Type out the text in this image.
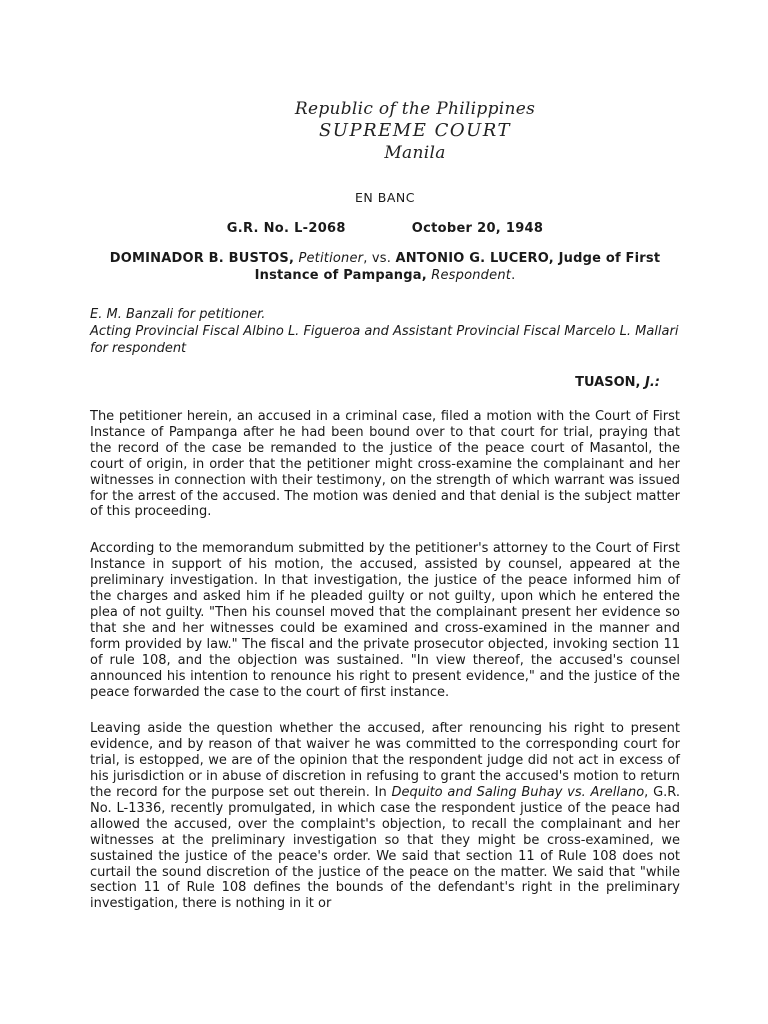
Republic of the Philippines
SUPREME COURT
Manila
EN BANC
G.R. No. L-2068	October 20, 1948
DOMINADOR B. BUSTOS, Petitioner, vs. ANTONIO G. LUCERO, Judge of First Instance of Pampanga, Respondent.
E. M. Banzali for petitioner.
Acting Provincial Fiscal Albino L. Figueroa and Assistant Provincial Fiscal Marcelo L. Mallari for respondent
TUASON, J.:
The petitioner herein, an accused in a criminal case, filed a motion with the Court of First Instance of Pampanga after he had been bound over to that court for trial, praying that the record of the case be remanded to the justice of the peace court of Masantol, the court of origin, in order that the petitioner might cross-examine the complainant and her witnesses in connection with their testimony, on the strength of which warrant was issued for the arrest of the accused. The motion was denied and that denial is the subject matter of this proceeding.
According to the memorandum submitted by the petitioner's attorney to the Court of First Instance in support of his motion, the accused, assisted by counsel, appeared at the preliminary investigation. In that investigation, the justice of the peace informed him of the charges and asked him if he pleaded guilty or not guilty, upon which he entered the plea of not guilty. "Then his counsel moved that the complainant present her evidence so that she and her witnesses could be examined and cross-examined in the manner and form provided by law." The fiscal and the private prosecutor objected, invoking section 11 of rule 108, and the objection was sustained. "In view thereof, the accused's counsel announced his intention to renounce his right to present evidence," and the justice of the peace forwarded the case to the court of first instance.
Leaving aside the question whether the accused, after renouncing his right to present evidence, and by reason of that waiver he was committed to the corresponding court for trial, is estopped, we are of the opinion that the respondent judge did not act in excess of his jurisdiction or in abuse of discretion in refusing to grant the accused's motion to return the record for the purpose set out therein. In Dequito and Saling Buhay vs. Arellano, G.R. No. L-1336, recently promulgated, in which case the respondent justice of the peace had allowed the accused, over the complaint's objection, to recall the complainant and her witnesses at the preliminary investigation so that they might be cross-examined, we sustained the justice of the peace's order. We said that section 11 of Rule 108 does not curtail the sound discretion of the justice of the peace on the matter. We said that "while section 11 of Rule 108 defines the bounds of the defendant's right in the preliminary investigation, there is nothing in it or
